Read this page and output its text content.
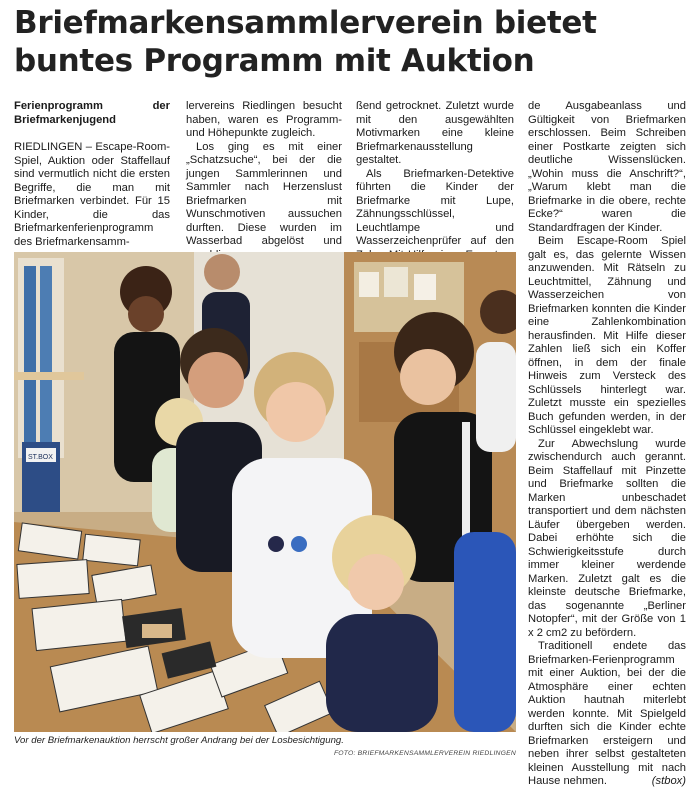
Briefmarkensammlerverein bietet buntes Programm mit Auktion
Ferienprogramm der Briefmarkenjugend

RIEDLINGEN – Escape-Room-Spiel, Auktion oder Staffellauf sind vermutlich nicht die ersten Begriffe, die man mit Briefmarken verbindet. Für 15 Kinder, die das Briefmarkenferienprogramm des Briefmarkensamm-

lervereins Riedlingen besucht haben, waren es Programm- und Höhepunkte zugleich.

Los ging es mit einer „Schatzsuche“, bei der die jungen Sammlerinnen und Sammler nach Herzenslust Briefmarken mit Wunschmotiven aussuchen durften. Diese wurden im Wasserbad abgelöst und

ßend getrocknet. Zuletzt wurde mit den ausgewählten Motivmarken eine kleine Briefmarkenausstellung gestaltet.

Als Briefmarken-Detektive führten die Kinder der Briefmarke mit Lupe, Zähnungsschlüssel, Leuchtlampe und Wasserzeichenprüfer auf den

de Ausgabeanlass und Gültigkeit von Briefmarken erschlossen. Beim Schreiben einer Postkarte zeigten sich deutliche Wissenslücken. „Wohin muss die Anschrift?“, „Warum klebt man die Briefmarke in die obere, rechte Ecke?“ waren die Standardfragen der Kinder.

Beim Escape-Room Spiel galt es, das gelernte Wissen anzuwenden. Mit Rätseln zu Leuchtmittel, Zähnung und Wasserzeichen von Briefmarken konnten die Kinder eine Zahlenkombination herausfinden. Mit Hilfe dieser Zahlen ließ sich ein Koffer öffnen, in dem der finale Hinweis zum Versteck des Schlüssels hinterlegt war. Zuletzt musste ein spezielles Buch gefunden werden, in der Schlüssel eingeklebt war.

Zur Abwechslung wurde zwischendurch auch gerannt. Beim Staffellauf mit Pinzette und Briefmarke sollten die Marken unbeschadet transportiert und dem nächsten Läufer übergeben werden. Dabei erhöhte sich die Schwierigkeitsstufe durch immer kleiner werdende Marken. Zuletzt galt es die kleinste deutsche Briefmarke, das sogenannte „Berliner Notopfer“, mit der Größe von 1 x 2 cm2 zu befördern.

Traditionell endete das Briefmarken-Ferienprogramm mit einer Auktion, bei der die Atmosphäre einer echten Auktion hautnah miterlebt werden konnte. Mit Spielgeld durften sich die Kinder echte Briefmarken ersteigern und neben ihrer selbst gestalteten kleinen Ausstellung mit nach Hause nehmen.	(stbox)

ST.BOX
Vor der Briefmarkenauktion herrscht großer Andrang bei der Losbesichtigung.
FOTO: BRIEFMARKENSAMMLERVEREIN RIEDLINGEN
